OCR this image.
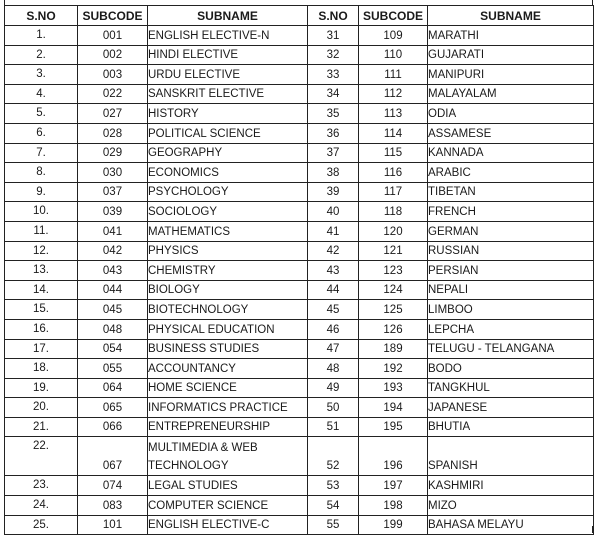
S.NO	SUBCODE	SUBNAME	S.NO	SUBCODE	SUBNAME
1.	001	ENGLISH ELECTIVE-N	31	109	MARATHI
2.	002	HINDI ELECTIVE	32	110	GUJARATI
3.	003	URDU ELECTIVE	33	111	MANIPURI
4.	022	SANSKRIT ELECTIVE	34	112	MALAYALAM
5.	027	HISTORY	35	113	ODIA
6.	028	POLITICAL SCIENCE	36	114	ASSAMESE
7.	029	GEOGRAPHY	37	115	KANNADA
8.	030	ECONOMICS	38	116	ARABIC
9.	037	PSYCHOLOGY	39	117	TIBETAN
10.	039	SOCIOLOGY	40	118	FRENCH
11.	041	MATHEMATICS	41	120	GERMAN
12.	042	PHYSICS	42	121	RUSSIAN
13.	043	CHEMISTRY	43	123	PERSIAN
14.	044	BIOLOGY	44	124	NEPALI
15.	045	BIOTECHNOLOGY	45	125	LIMBOO
16.	048	PHYSICAL EDUCATION	46	126	LEPCHA
17.	054	BUSINESS STUDIES	47	189	TELUGU - TELANGANA
18.	055	ACCOUNTANCY	48	192	BODO
19.	064	HOME SCIENCE	49	193	TANGKHUL
20.	065	INFORMATICS PRACTICE	50	194	JAPANESE
21.	066	ENTREPRENEURSHIP	51	195	BHUTIA
22.	067	MULTIMEDIA & WEB TECHNOLOGY	52	196	SPANISH
23.	074	LEGAL STUDIES	53	197	KASHMIRI
24.	083	COMPUTER SCIENCE	54	198	MIZO
25.	101	ENGLISH ELECTIVE-C	55	199	BAHASA MELAYU
